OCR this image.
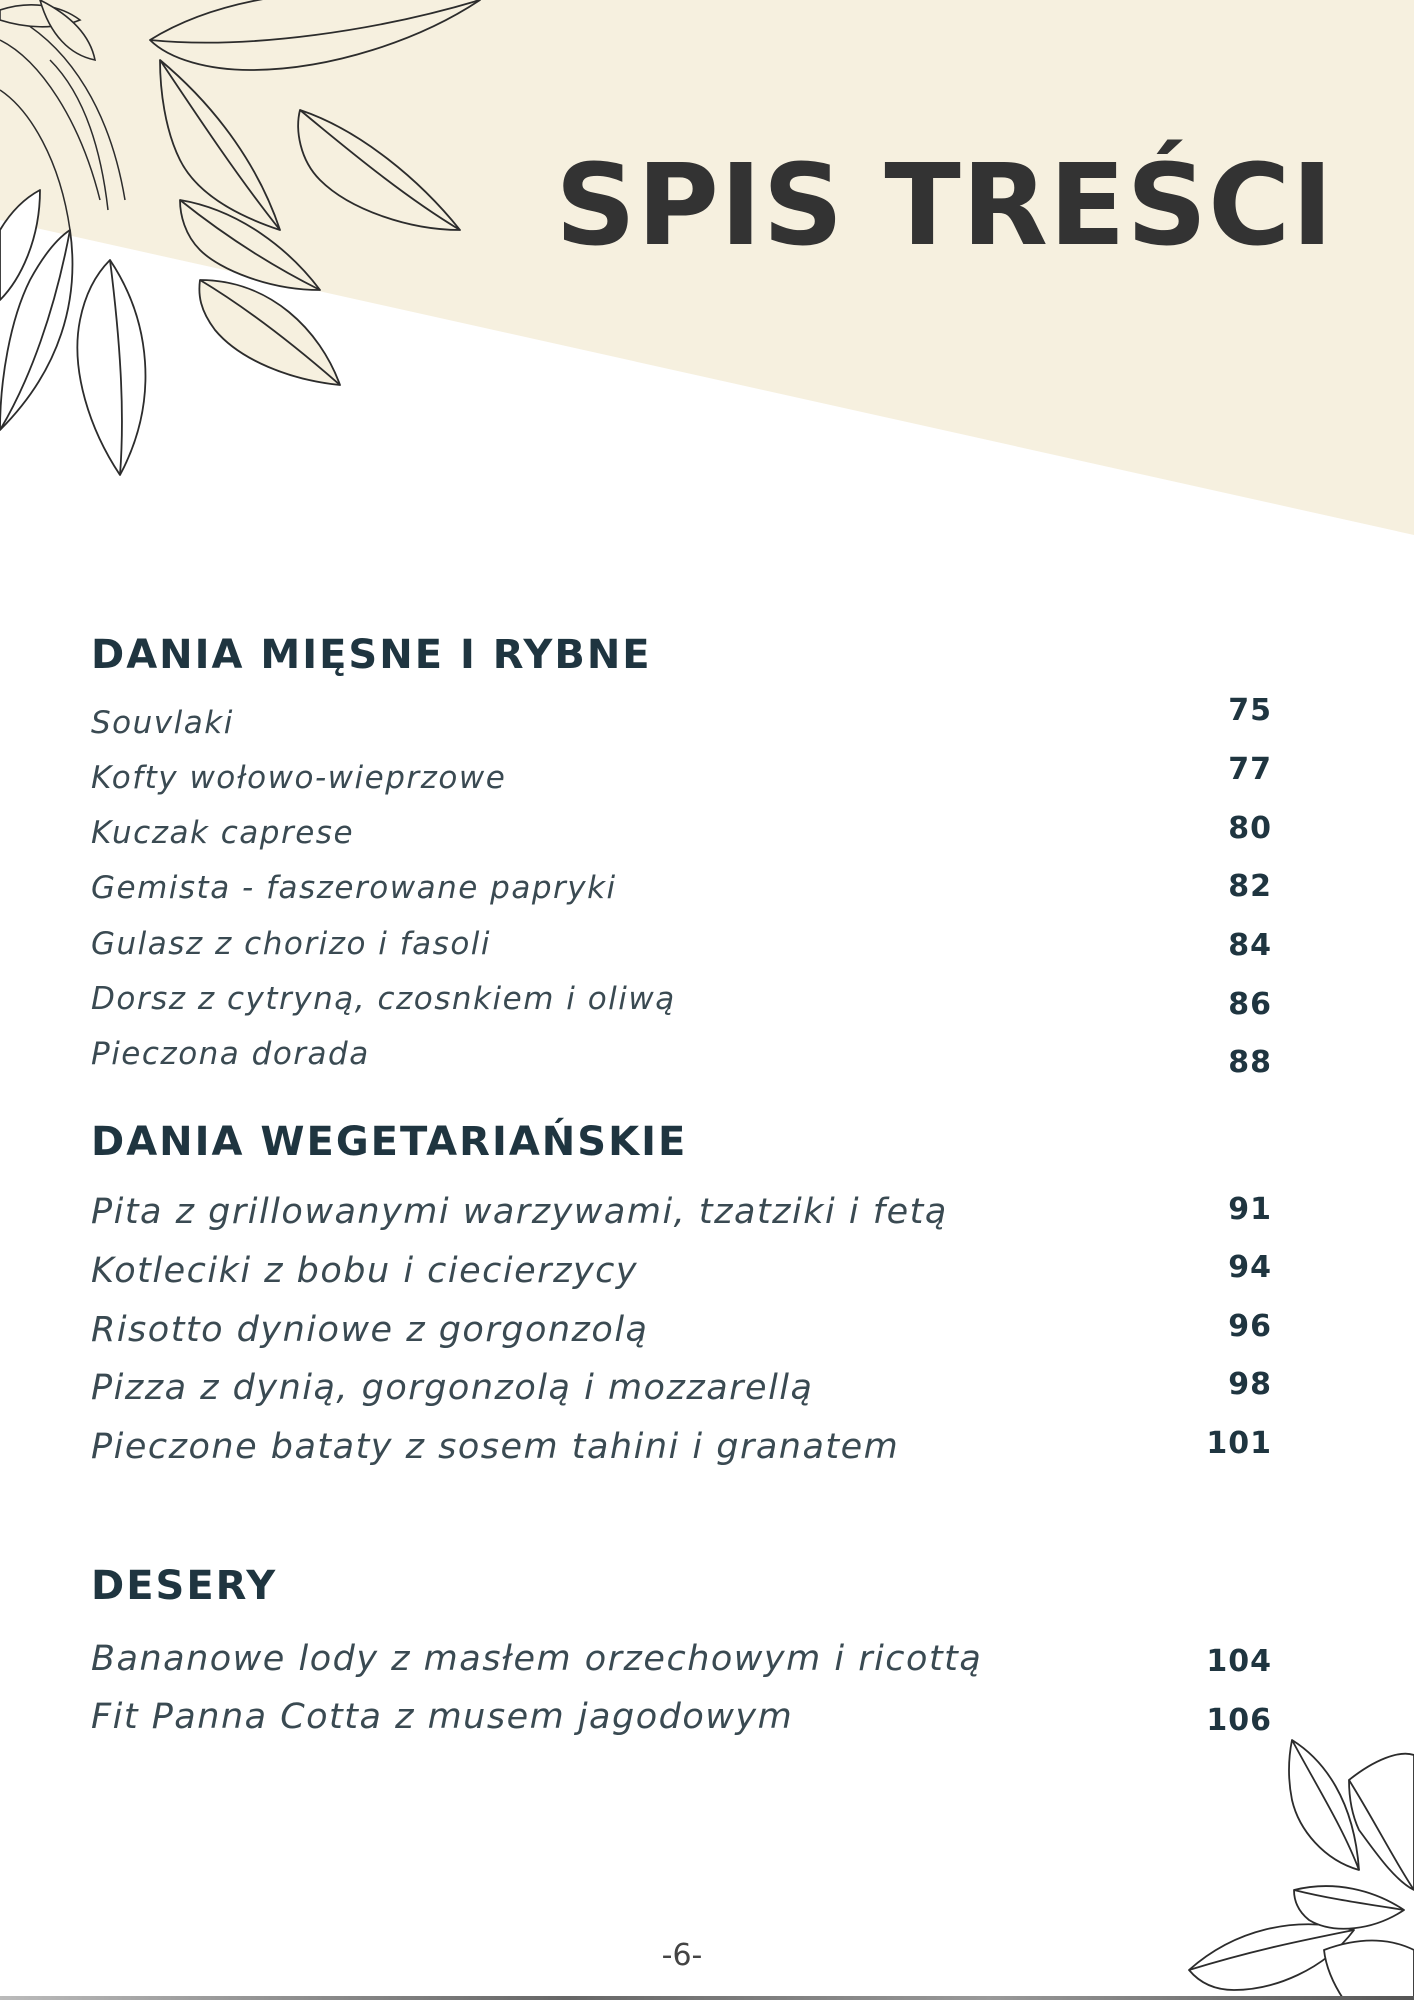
SPIS TREŚCI
DANIA MIĘSNE I RYBNE
Souvlaki	75
Kofty wołowo-wieprzowe	77
Kuczak caprese	80
Gemista - faszerowane papryki	82
Gulasz z chorizo i fasoli	84
Dorsz z cytryną, czosnkiem i oliwą	86
Pieczona dorada	88
DANIA WEGETARIAŃSKIE
Pita z grillowanymi warzywami, tzatziki i fetą	91
Kotleciki z bobu i ciecierzycy	94
Risotto dyniowe z gorgonzolą	96
Pizza z dynią, gorgonzolą i mozzarellą	98
Pieczone bataty z sosem tahini i granatem	101
DESERY
Bananowe lody z masłem orzechowym i ricottą	104
Fit Panna Cotta z musem jagodowym	106
-6-
